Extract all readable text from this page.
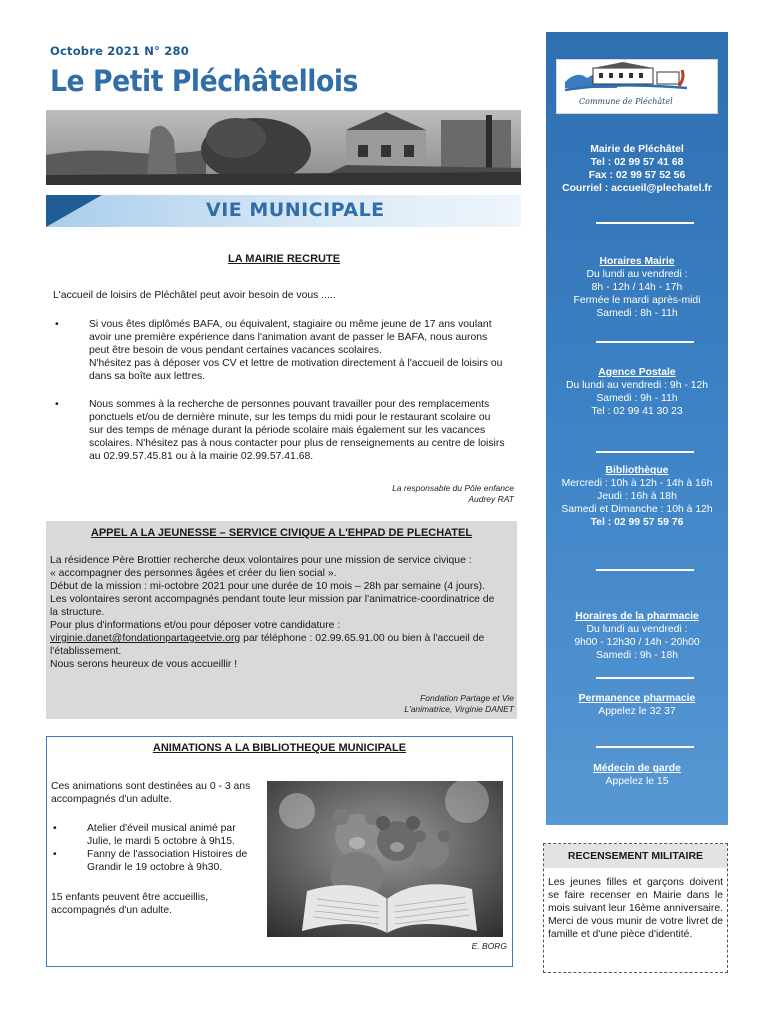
Octobre 2021 N° 280
Le Petit Pléchâtellois
VIE MUNICIPALE
LA MAIRIE RECRUTE
L'accueil de loisirs de Pléchâtel peut avoir besoin de vous .....
• Si vous êtes diplômés BAFA, ou équivalent, stagiaire ou même jeune de 17 ans voulant
avoir une première expérience dans l'animation avant de passer le BAFA, nous aurons
peut être besoin de vous pendant certaines vacances scolaires.
N'hésitez pas à déposer vos CV et lettre de motivation directement à l'accueil de loisirs ou
dans sa boîte aux lettres.
• Nous sommes à la recherche de personnes pouvant travailler pour des remplacements
ponctuels et/ou de dernière minute, sur les temps du midi pour le restaurant scolaire ou
sur des temps de ménage durant la période scolaire mais également sur les vacances
scolaires. N'hésitez pas à nous contacter pour plus de renseignements au centre de loisirs
au 02.99.57.45.81 ou à la mairie 02.99.57.41.68.
La responsable du Pôle enfance
Audrey RAT
APPEL A LA JEUNESSE – SERVICE CIVIQUE A L'EHPAD DE PLECHATEL
La résidence Père Brottier recherche deux volontaires pour une mission de service civique :
« accompagner des personnes âgées et créer du lien social ».
Début de la mission : mi-octobre 2021 pour une durée de 10 mois – 28h par semaine (4 jours).
Les volontaires seront accompagnés pendant toute leur mission par l'animatrice-coordinatrice de
la structure.
Pour plus d'informations et/ou pour déposer votre candidature :
virginie.danet@fondationpartageetvie.org par téléphone : 02.99.65.91.00 ou bien à l'accueil de
l'établissement.
Nous serons heureux de vous accueillir !
Fondation Partage et Vie
L'animatrice, Virginie DANET
ANIMATIONS A LA BIBLIOTHEQUE MUNICIPALE
Ces animations sont destinées au 0 - 3 ans
accompagnés d'un adulte.
• Atelier d'éveil musical animé par
Julie, le mardi 5 octobre à 9h15.
• Fanny de l'association Histoires de
Grandir le 19 octobre à 9h30.
15 enfants peuvent être accueillis,
accompagnés d'un adulte.
E. BORG
Commune de Pléchâtel
Mairie de Pléchâtel
Tel : 02 99 57 41 68
Fax : 02 99 57 52 56
Courriel : accueil@plechatel.fr
Horaires Mairie
Du lundi au vendredi :
8h - 12h / 14h - 17h
Fermée le mardi après-midi
Samedi : 8h - 11h
Agence Postale
Du lundi au vendredi : 9h - 12h
Samedi : 9h - 11h
Tel : 02 99 41 30 23
Bibliothèque
Mercredi : 10h à 12h - 14h à 16h
Jeudi : 16h à 18h
Samedi et Dimanche : 10h à 12h
Tel : 02 99 57 59 76
Horaires de la pharmacie
Du lundi au vendredi :
9h00 - 12h30 / 14h - 20h00
Samedi : 9h - 18h
Permanence pharmacie
Appelez le 32 37
Médecin de garde
Appelez le 15
RECENSEMENT MILITAIRE
Les jeunes filles et garçons doivent se faire recenser en Mairie dans le mois suivant leur 16ème anniversaire. Merci de vous munir de votre livret de famille et d'une pièce d'identité.
